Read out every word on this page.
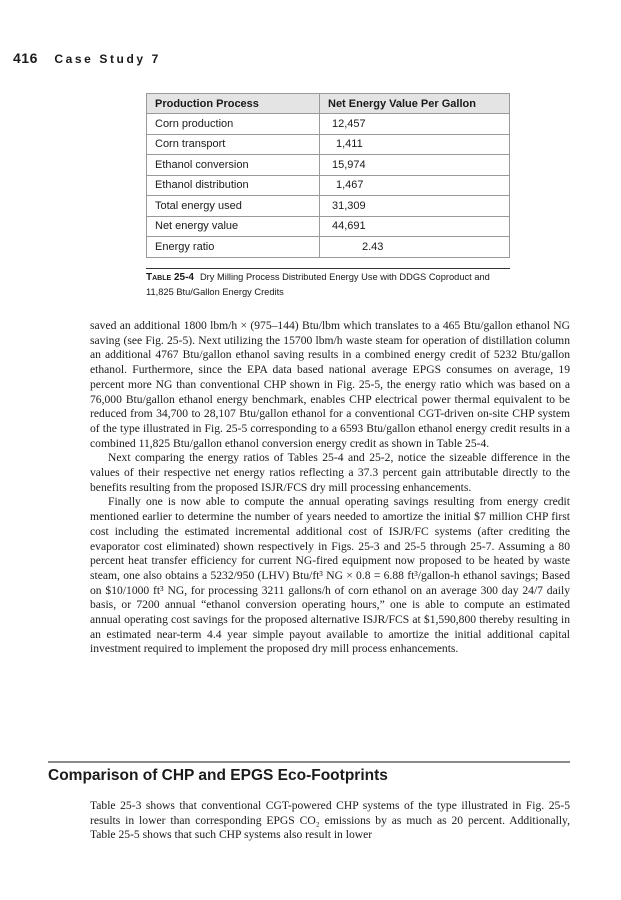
416 Case Study 7
Production Process	Net Energy Value Per Gallon
Corn production	12,457
Corn transport	1,411
Ethanol conversion	15,974
Ethanol distribution	1,467
Total energy used	31,309
Net energy value	44,691
Energy ratio	2.43
Table 25-4 Dry Milling Process Distributed Energy Use with DDGS Coproduct and 11,825 Btu/Gallon Energy Credits

saved an additional 1800 lbm/h × (975–144) Btu/lbm which translates to a 465 Btu/gallon ethanol NG saving (see Fig. 25-5). Next utilizing the 15700 lbm/h waste steam for operation of distillation column an additional 4767 Btu/gallon ethanol saving results in a combined energy credit of 5232 Btu/gallon ethanol. Furthermore, since the EPA data based national average EPGS consumes on average, 19 percent more NG than conventional CHP shown in Fig. 25-5, the energy ratio which was based on a 76,000 Btu/gallon ethanol energy benchmark, enables CHP electrical power thermal equivalent to be reduced from 34,700 to 28,107 Btu/gallon ethanol for a conventional CGT-driven on-site CHP system of the type illustrated in Fig. 25-5 corresponding to a 6593 Btu/gallon ethanol energy credit results in a combined 11,825 Btu/gallon ethanol conversion energy credit as shown in Table 25-4.

Next comparing the energy ratios of Tables 25-4 and 25-2, notice the sizeable difference in the values of their respective net energy ratios reflecting a 37.3 percent gain attributable directly to the benefits resulting from the proposed ISJR/FCS dry mill processing enhancements.

Finally one is now able to compute the annual operating savings resulting from energy credit mentioned earlier to determine the number of years needed to amortize the initial $7 million CHP first cost including the estimated incremental additional cost of ISJR/FC systems (after crediting the evaporator cost eliminated) shown respectively in Figs. 25-3 and 25-5 through 25-7. Assuming a 80 percent heat transfer efficiency for current NG-fired equipment now proposed to be heated by waste steam, one also obtains a 5232/950 (LHV) Btu/ft³ NG × 0.8 = 6.88 ft³/gallon-h ethanol savings; Based on $10/1000 ft³ NG, for processing 3211 gallons/h of corn ethanol on an average 300 day 24/7 daily basis, or 7200 annual “ethanol conversion operating hours,” one is able to compute an estimated annual operating cost savings for the proposed alternative ISJR/FCS at $1,590,800 thereby resulting in an estimated near-term 4.4 year simple payout available to amortize the initial additional capital investment required to implement the proposed dry mill process enhancements.

Comparison of CHP and EPGS Eco-Footprints

Table 25-3 shows that conventional CGT-powered CHP systems of the type illustrated in Fig. 25-5 results in lower than corresponding EPGS CO₂ emissions by as much as 20 percent. Additionally, Table 25-5 shows that such CHP systems also result in lower
